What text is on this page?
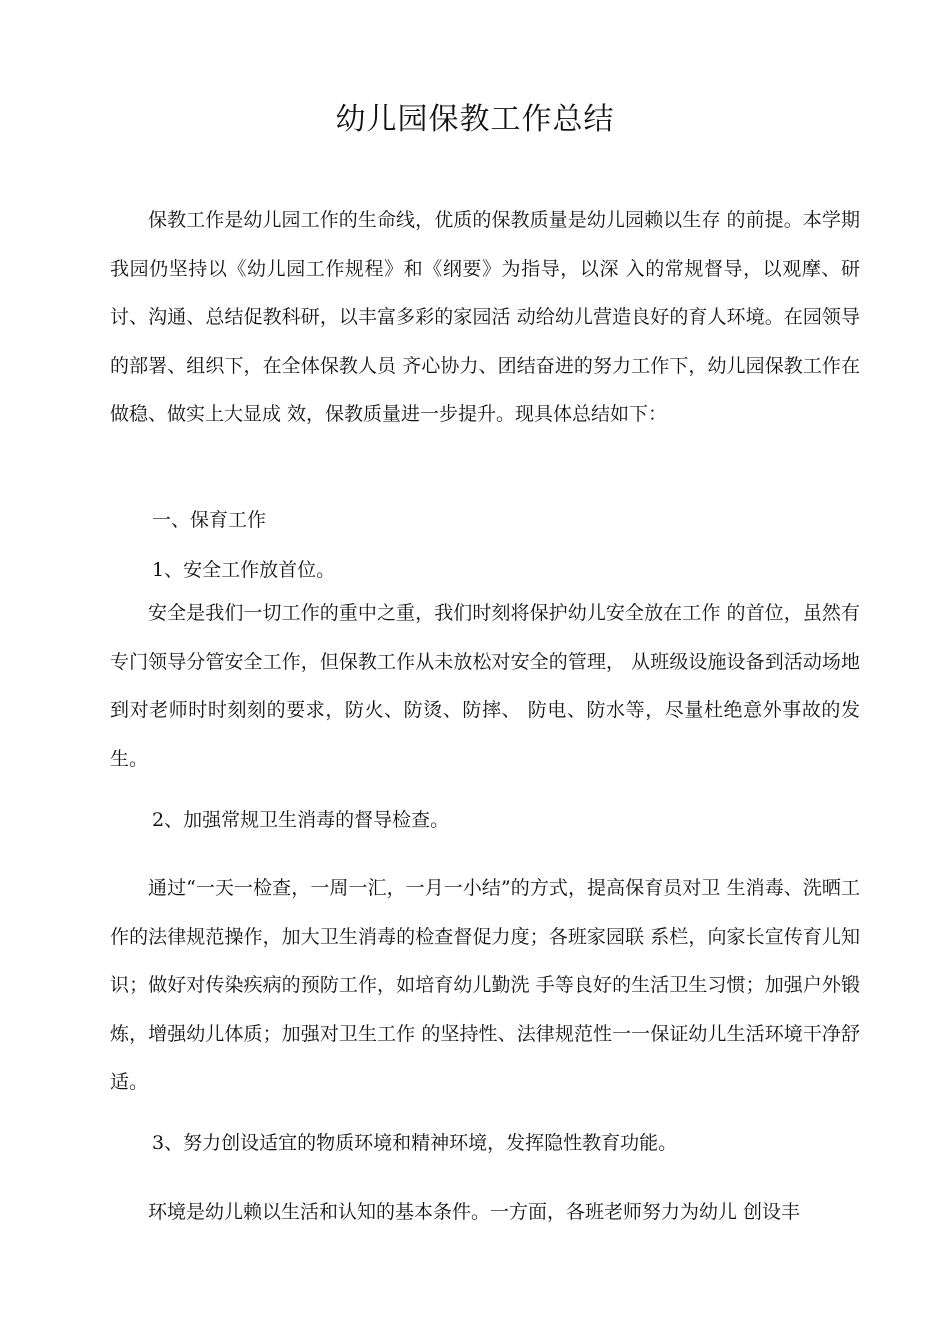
幼儿园保教工作总结

保教工作是幼儿园工作的生命线，优质的保教质量是幼儿园赖以生存 的前提。本学期我园仍坚持以《幼儿园工作规程》和《纲要》为指导，以深 入的常规督导，以观摩、研讨、沟通、总结促教科研，以丰富多彩的家园活 动给幼儿营造良好的育人环境。在园领导的部署、组织下，在全体保教人员 齐心协力、团结奋进的努力工作下，幼儿园保教工作在做稳、做实上大显成 效，保教质量进一步提升。现具体总结如下：

一、保育工作

1、安全工作放首位。

安全是我们一切工作的重中之重，我们时刻将保护幼儿安全放在工作 的首位，虽然有专门领导分管安全工作，但保教工作从未放松对安全的管理， 从班级设施设备到活动场地到对老师时时刻刻的要求，防火、防烫、防摔、 防电、防水等，尽量杜绝意外事故的发生。

2、加强常规卫生消毒的督导检查。

通过“一天一检查，一周一汇，一月一小结”的方式，提高保育员对卫 生消毒、洗晒工作的法律规范操作，加大卫生消毒的检查督促力度；各班家园联 系栏，向家长宣传育儿知识；做好对传染疾病的预防工作，如培育幼儿勤洗 手等良好的生活卫生习惯；加强户外锻炼，增强幼儿体质；加强对卫生工作 的坚持性、法律规范性一一保证幼儿生活环境干净舒适。

3、努力创设适宜的物质环境和精神环境，发挥隐性教育功能。

环境是幼儿赖以生活和认知的基本条件。一方面，各班老师努力为幼儿 创设丰
